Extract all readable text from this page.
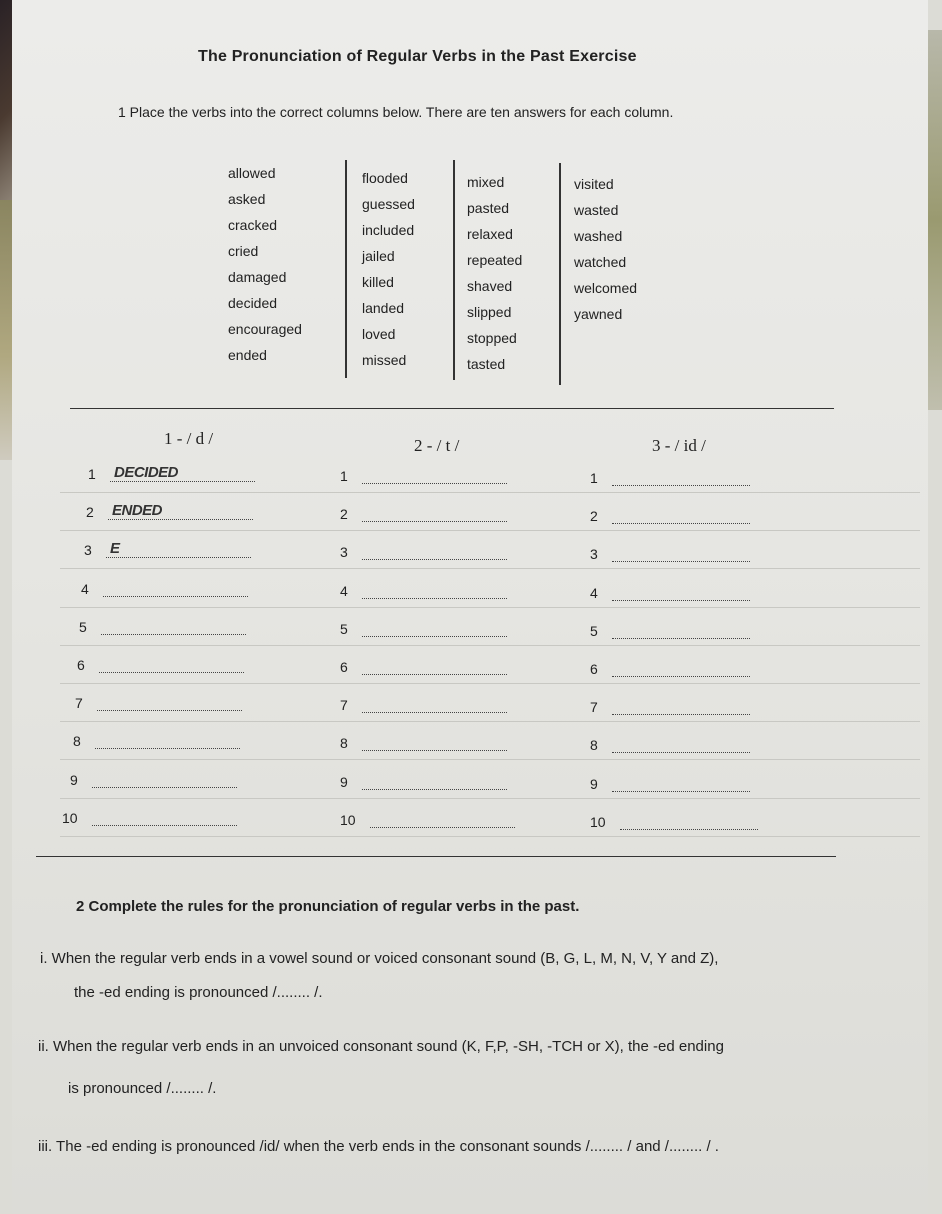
The Pronunciation of Regular Verbs in the Past Exercise
1 Place the verbs into the correct columns below. There are ten answers for each column.
allowed
asked
cracked
cried
damaged
decided
encouraged
ended
flooded
guessed
included
jailed
killed
landed
loved
missed
mixed
pasted
relaxed
repeated
shaved
slipped
stopped
tasted
visited
wasted
washed
watched
welcomed
yawned
1 - / d /	2 - / t /	3 - / id /
1 DECIDED
2 ENDED
3 E
4
5
6
7
8
9
10
1
2
3
4
5
6
7
8
9
10
1
2
3
4
5
6
7
8
9
10
2 Complete the rules for the pronunciation of regular verbs in the past.
i. When the regular verb ends in a vowel sound or voiced consonant sound (B, G, L, M, N, V, Y and Z),
the -ed ending is pronounced /........ /.
ii. When the regular verb ends in an unvoiced consonant sound (K, F,P, -SH, -TCH or X), the -ed ending
is pronounced /........ /.
iii. The -ed ending is pronounced /id/ when the verb ends in the consonant sounds /........ / and /........ / .
